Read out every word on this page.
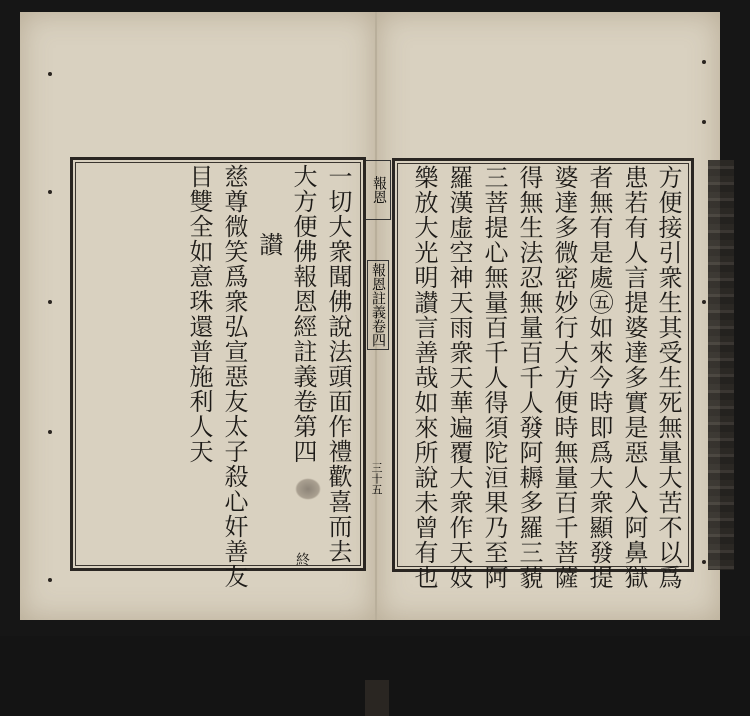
方便接引衆生其受生死無量大苦不以爲
患若有人言提婆達多實是惡人入阿鼻獄
者無有是處㊄如來今時即爲大衆顯發提
婆達多微密妙行大方便時無量百千菩薩
得無生法忍無量百千人發阿耨多羅三藐
三菩提心無量百千人得須陀洹果乃至阿
羅漢虚空神天雨衆天華遍覆大衆作天妓
樂放大光明讃言善哉如來所說未曾有也
報恩
報恩註義卷四
三十五
一切大衆聞佛說法頭面作禮歡喜而去
大方便佛報恩經註義卷第四
終
讃
慈尊微笑爲衆弘宣惡友太子殺心奸善友
目雙全如意珠還普施利人天
